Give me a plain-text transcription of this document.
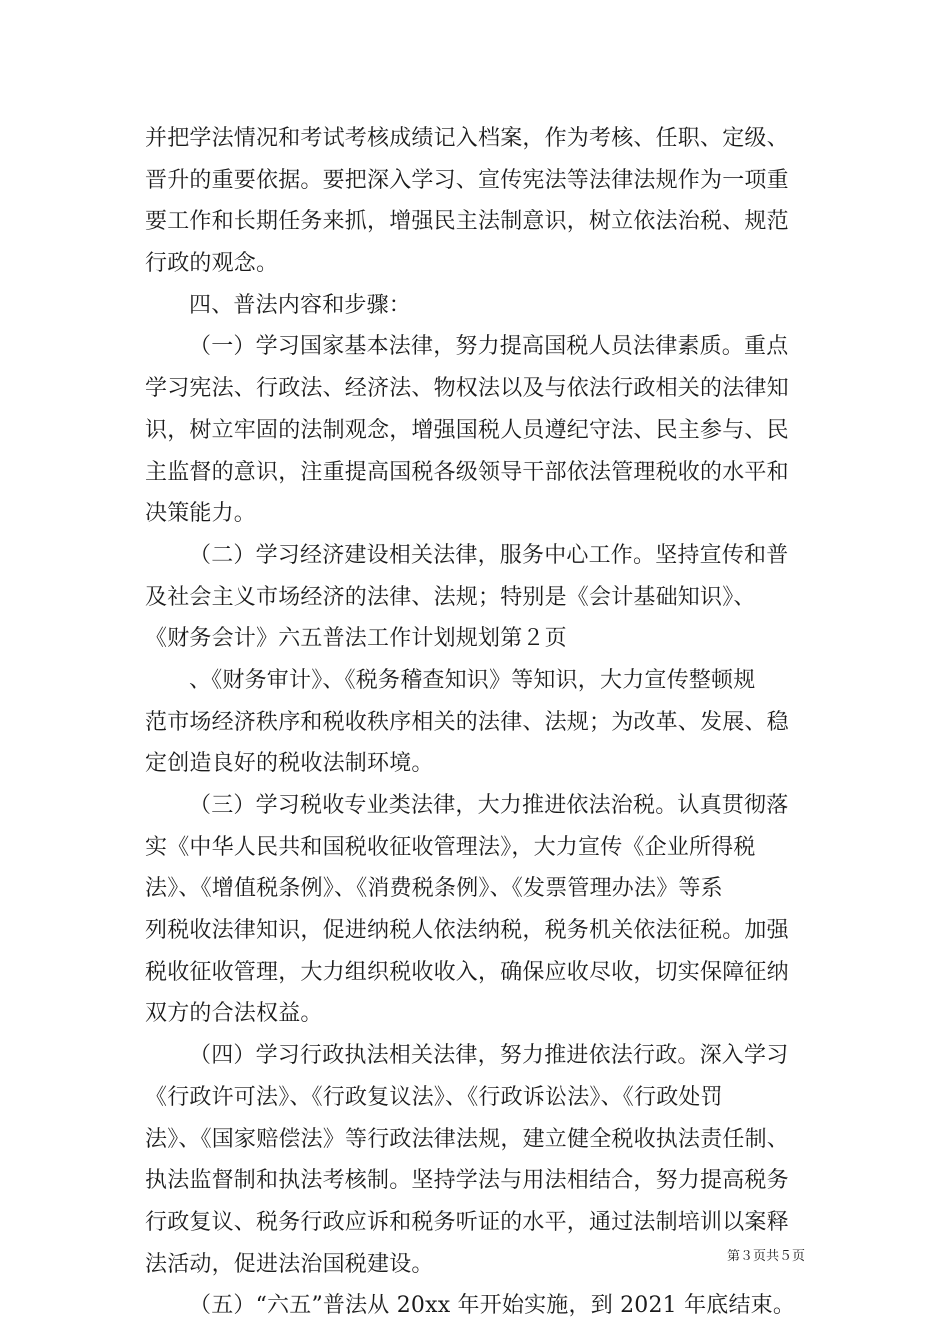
并把学法情况和考试考核成绩记入档案，作为考核、任职、定级、
晋升的重要依据。要把深入学习、宣传宪法等法律法规作为一项重
要工作和长期任务来抓，增强民主法制意识，树立依法治税、规范
行政的观念。
四、普法内容和步骤：
（一）学习国家基本法律，努力提高国税人员法律素质。重点
学习宪法、行政法、经济法、物权法以及与依法行政相关的法律知
识，树立牢固的法制观念，增强国税人员遵纪守法、民主参与、民
主监督的意识，注重提高国税各级领导干部依法管理税收的水平和
决策能力。
（二）学习经济建设相关法律，服务中心工作。坚持宣传和普
及社会主义市场经济的法律、法规；特别是《会计基础知识》、
《财务会计》六五普法工作计划规划第２页
、《财务审计》、《税务稽查知识》等知识，大力宣传整顿规
范市场经济秩序和税收秩序相关的法律、法规；为改革、发展、稳
定创造良好的税收法制环境。
（三）学习税收专业类法律，大力推进依法治税。认真贯彻落
实《中华人民共和国税收征收管理法》，大力宣传《企业所得税
法》、《增值税条例》、《消费税条例》、《发票管理办法》等系
列税收法律知识，促进纳税人依法纳税，税务机关依法征税。加强
税收征收管理，大力组织税收收入，确保应收尽收，切实保障征纳
双方的合法权益。
（四）学习行政执法相关法律，努力推进依法行政。深入学习
《行政许可法》、《行政复议法》、《行政诉讼法》、《行政处罚
法》、《国家赔偿法》等行政法律法规，建立健全税收执法责任制、
执法监督制和执法考核制。坚持学法与用法相结合，努力提高税务
行政复议、税务行政应诉和税务听证的水平，通过法制培训以案释
法活动，促进法治国税建设。
（五）“六五”普法从 20xx 年开始实施，到 2021 年底结束。
第３页共５页
